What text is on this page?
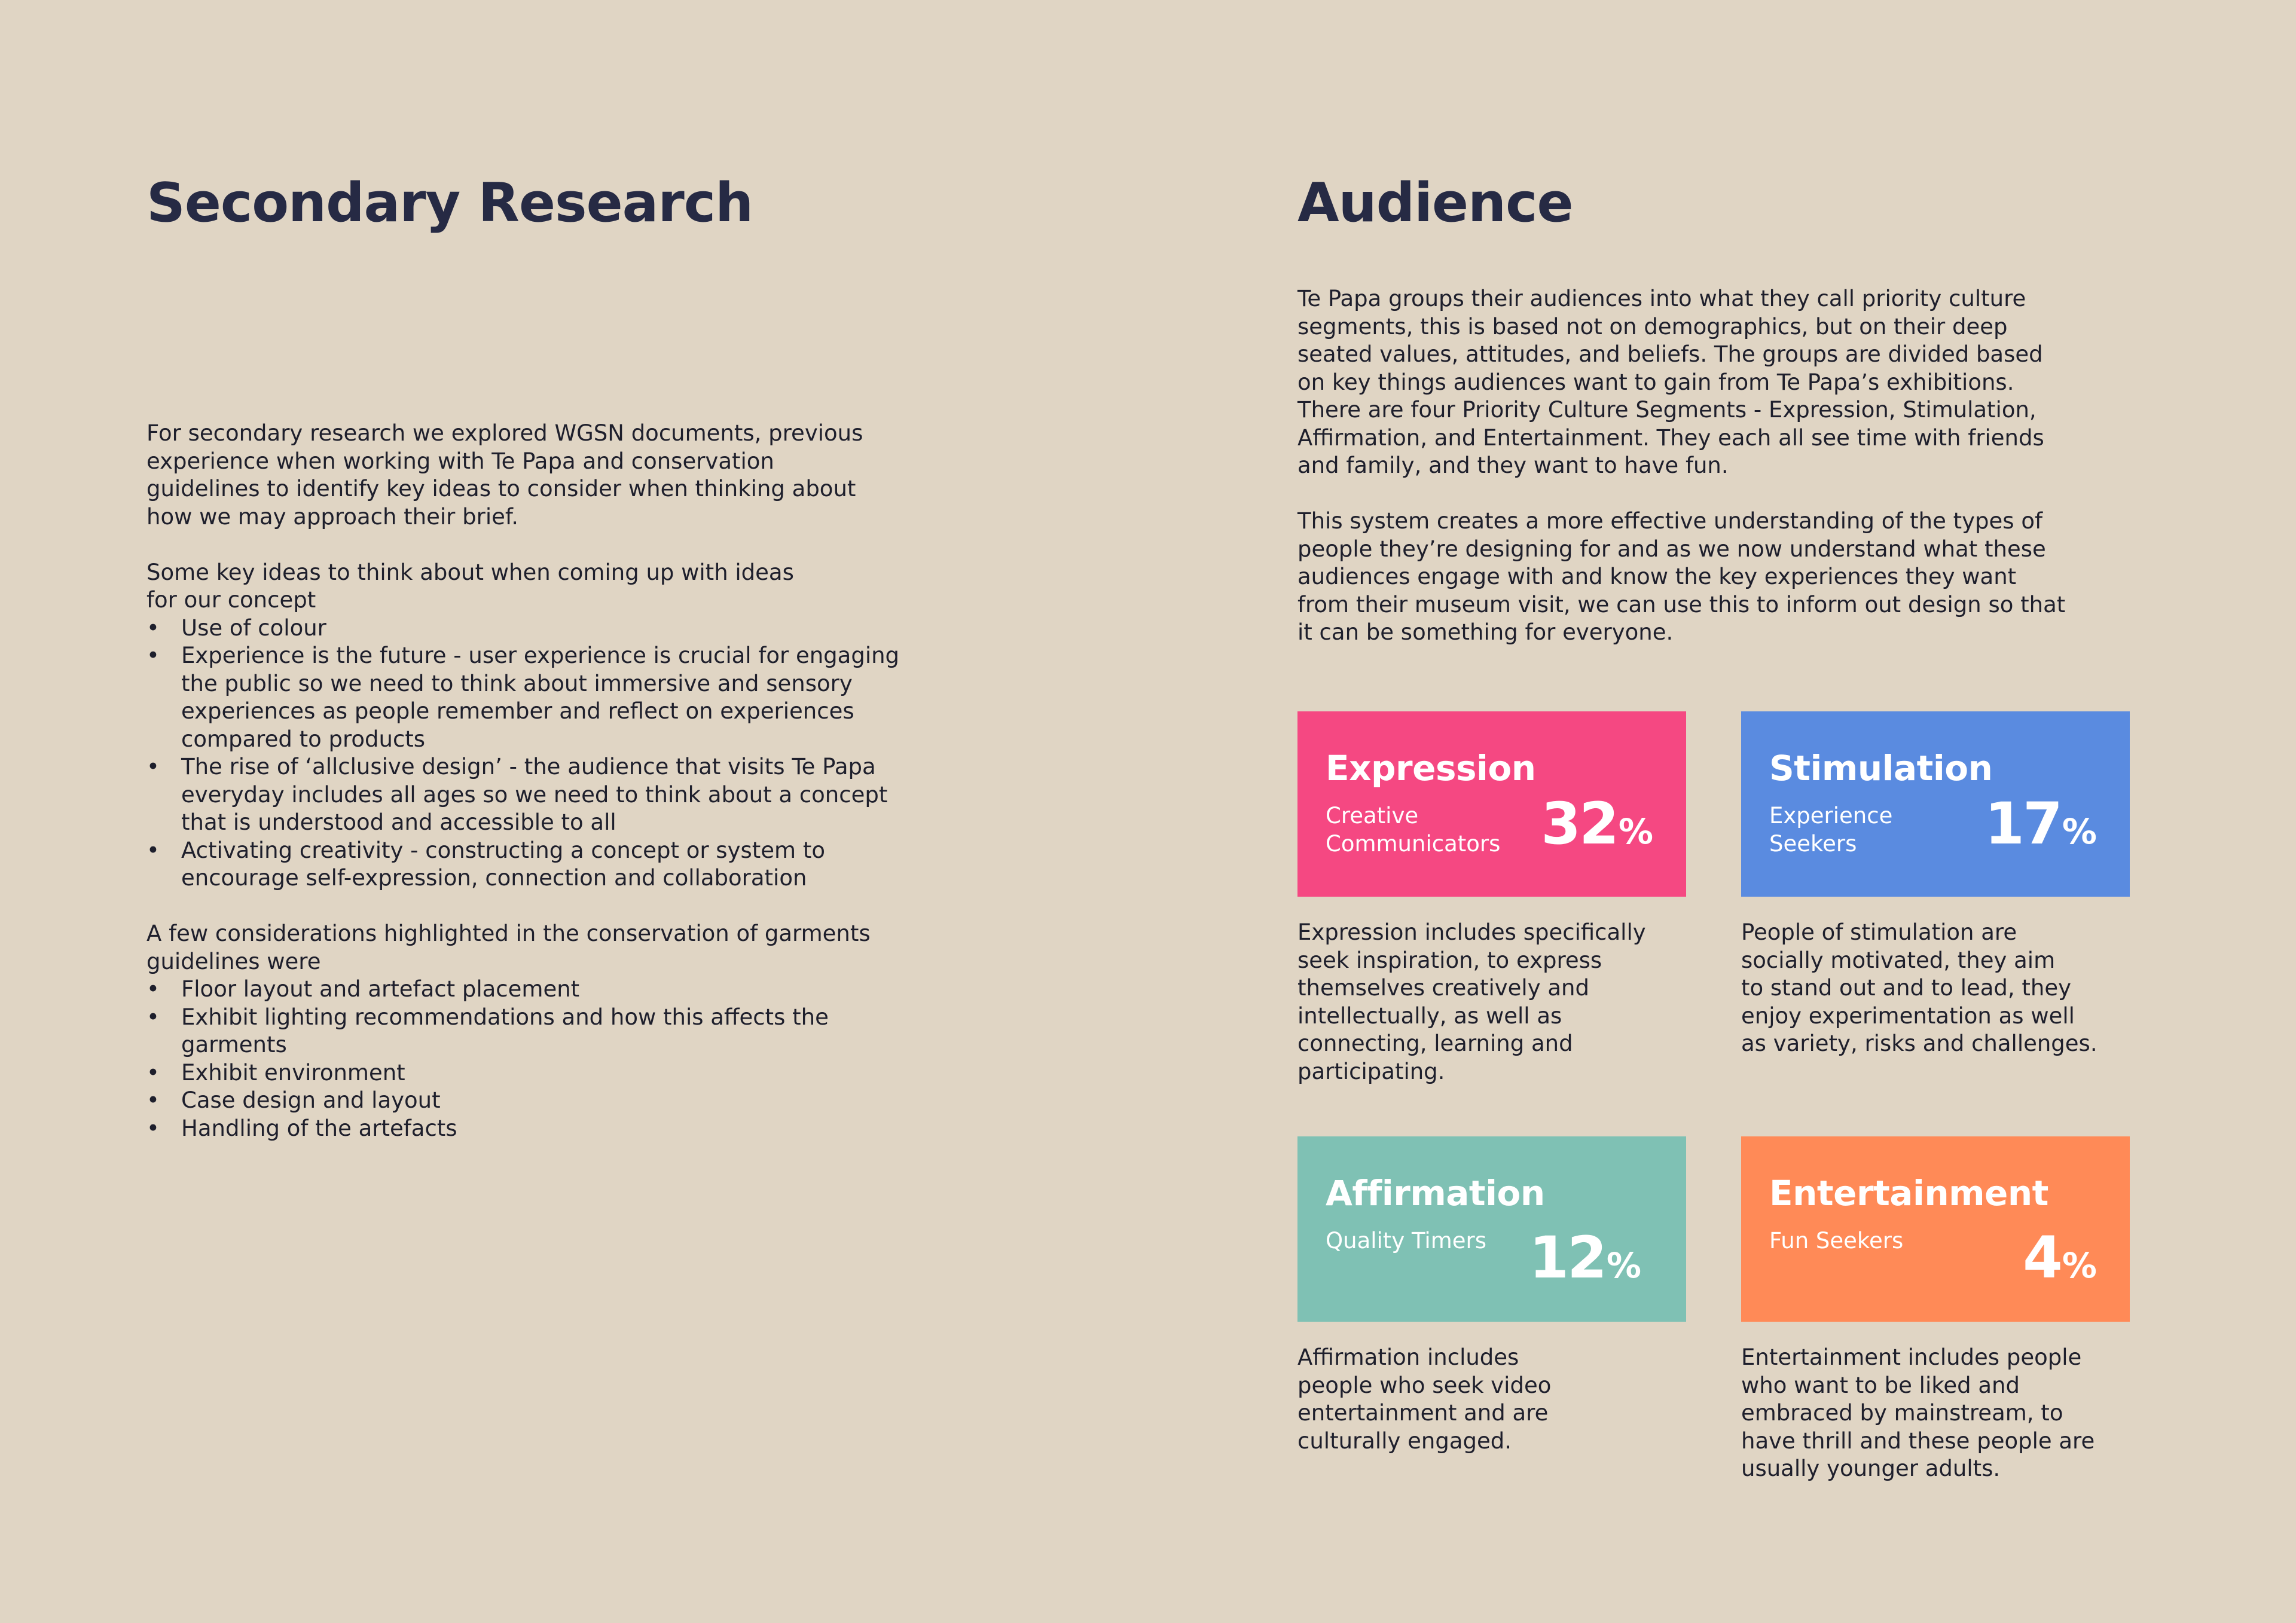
Secondary Research

For secondary research we explored WGSN documents, previous
experience when working with Te Papa and conservation
guidelines to identify key ideas to consider when thinking about
how we may approach their brief.

Some key ideas to think about when coming up with ideas
for our concept

• Use of colour
• Experience is the future - user experience is crucial for engaging
the public so we need to think about immersive and sensory
experiences as people remember and reflect on experiences
compared to products
• The rise of ‘allclusive design’ - the audience that visits Te Papa
everyday includes all ages so we need to think about a concept
that is understood and accessible to all
• Activating creativity - constructing a concept or system to
encourage self-expression, connection and collaboration

A few considerations highlighted in the conservation of garments
guidelines were

• Floor layout and artefact placement
• Exhibit lighting recommendations and how this affects the
garments
• Exhibit environment
• Case design and layout
• Handling of the artefacts
Audience

Te Papa groups their audiences into what they call priority culture
segments, this is based not on demographics, but on their deep
seated values, attitudes, and beliefs. The groups are divided based
on key things audiences want to gain from Te Papa’s exhibitions.
There are four Priority Culture Segments - Expression, Stimulation,
Affirmation, and Entertainment. They each all see time with friends
and family, and they want to have fun.

This system creates a more effective understanding of the types of
people they’re designing for and as we now understand what these
audiences engage with and know the key experiences they want
from their museum visit, we can use this to inform out design so that
it can be something for everyone.

Expression
Creative
Communicators 32%
Expression includes specifically
seek inspiration, to express
themselves creatively and
intellectually, as well as
connecting, learning and
participating.
Stimulation
Experience
Seekers	17%
People of stimulation are
socially motivated, they aim
to stand out and to lead, they
enjoy experimentation as well
as variety, risks and challenges.
Affirmation
Quality Timers 12%
Affirmation includes
people who seek video
entertainment and are
culturally engaged.
Entertainment
Fun Seekers	4%
Entertainment includes people
who want to be liked and
embraced by mainstream, to
have thrill and these people are
usually younger adults.
